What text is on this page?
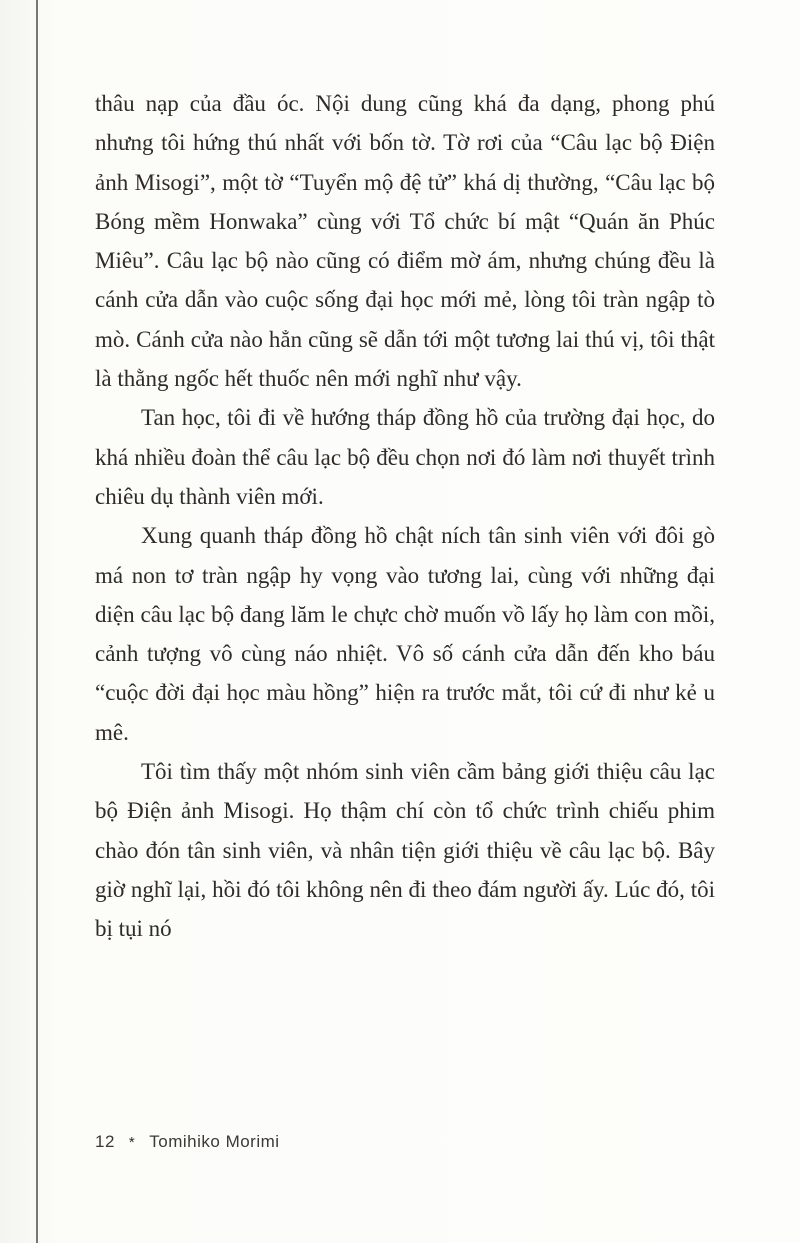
thâu nạp của đầu óc. Nội dung cũng khá đa dạng, phong phú nhưng tôi hứng thú nhất với bốn tờ. Tờ rơi của “Câu lạc bộ Điện ảnh Misogi”, một tờ “Tuyển mộ đệ tử” khá dị thường, “Câu lạc bộ Bóng mềm Honwaka” cùng với Tổ chức bí mật “Quán ăn Phúc Miêu”. Câu lạc bộ nào cũng có điểm mờ ám, nhưng chúng đều là cánh cửa dẫn vào cuộc sống đại học mới mẻ, lòng tôi tràn ngập tò mò. Cánh cửa nào hẳn cũng sẽ dẫn tới một tương lai thú vị, tôi thật là thằng ngốc hết thuốc nên mới nghĩ như vậy.

Tan học, tôi đi về hướng tháp đồng hồ của trường đại học, do khá nhiều đoàn thể câu lạc bộ đều chọn nơi đó làm nơi thuyết trình chiêu dụ thành viên mới.

Xung quanh tháp đồng hồ chật ních tân sinh viên với đôi gò má non tơ tràn ngập hy vọng vào tương lai, cùng với những đại diện câu lạc bộ đang lăm le chực chờ muốn vồ lấy họ làm con mồi, cảnh tượng vô cùng náo nhiệt. Vô số cánh cửa dẫn đến kho báu “cuộc đời đại học màu hồng” hiện ra trước mắt, tôi cứ đi như kẻ u mê.

Tôi tìm thấy một nhóm sinh viên cầm bảng giới thiệu câu lạc bộ Điện ảnh Misogi. Họ thậm chí còn tổ chức trình chiếu phim chào đón tân sinh viên, và nhân tiện giới thiệu về câu lạc bộ. Bây giờ nghĩ lại, hồi đó tôi không nên đi theo đám người ấy. Lúc đó, tôi bị tụi nó

12 * Tomihiko Morimi
